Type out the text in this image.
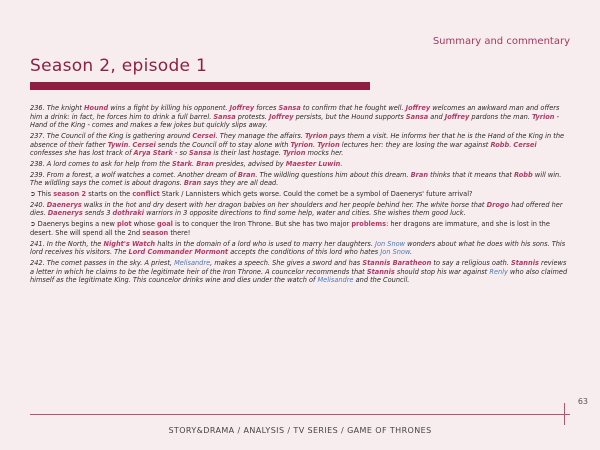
Summary and commentary
Season 2, episode 1

236. The knight Hound wins a fight by killing his opponent. Joffrey forces Sansa to confirm that he fought well. Joffrey welcomes an awkward man and offers him a drink: in fact, he forces him to drink a full barrel. Sansa protests. Joffrey persists, but the Hound supports Sansa and Joffrey pardons the man. Tyrion - Hand of the King - comes and makes a few jokes but quickly slips away.

237. The Council of the King is gathering around Cersei. They manage the affairs. Tyrion pays them a visit. He informs her that he is the Hand of the King in the absence of their father Tywin. Cersei sends the Council off to stay alone with Tyrion. Tyrion lectures her: they are losing the war against Robb. Cersei confesses she has lost track of Arya Stark - so Sansa is their last hostage. Tyrion mocks her.

238. A lord comes to ask for help from the Stark. Bran presides, advised by Maester Luwin.

239. From a forest, a wolf watches a comet. Another dream of Bran. The wildling questions him about this dream. Bran thinks that it means that Robb will win. The wildling says the comet is about dragons. Bran says they are all dead.

➲ This season 2 starts on the conflict Stark / Lannisters which gets worse. Could the comet be a symbol of Daenerys' future arrival?

240. Daenerys walks in the hot and dry desert with her dragon babies on her shoulders and her people behind her. The white horse that Drogo had offered her dies. Daenerys sends 3 dothraki warriors in 3 opposite directions to find some help, water and cities. She wishes them good luck.

➲ Daenerys begins a new plot whose goal is to conquer the Iron Throne. But she has two major problems: her dragons are immature, and she is lost in the desert. She will spend all the 2nd season there!

241. In the North, the Night's Watch halts in the domain of a lord who is used to marry her daughters. Jon Snow wonders about what he does with his sons. This lord receives his visitors. The Lord Commander Mormont accepts the conditions of this lord who hates Jon Snow.

242. The comet passes in the sky. A priest, Melisandre, makes a speech. She gives a sword and has Stannis Baratheon to say a religious oath. Stannis reviews a letter in which he claims to be the legitimate heir of the Iron Throne. A councelor recommends that Stannis should stop his war against Renly who also claimed himself as the legitimate King. This councelor drinks wine and dies under the watch of Melisandre and the Council.

63
STORY&DRAMA / ANALYSIS / TV SERIES / GAME OF THRONES
